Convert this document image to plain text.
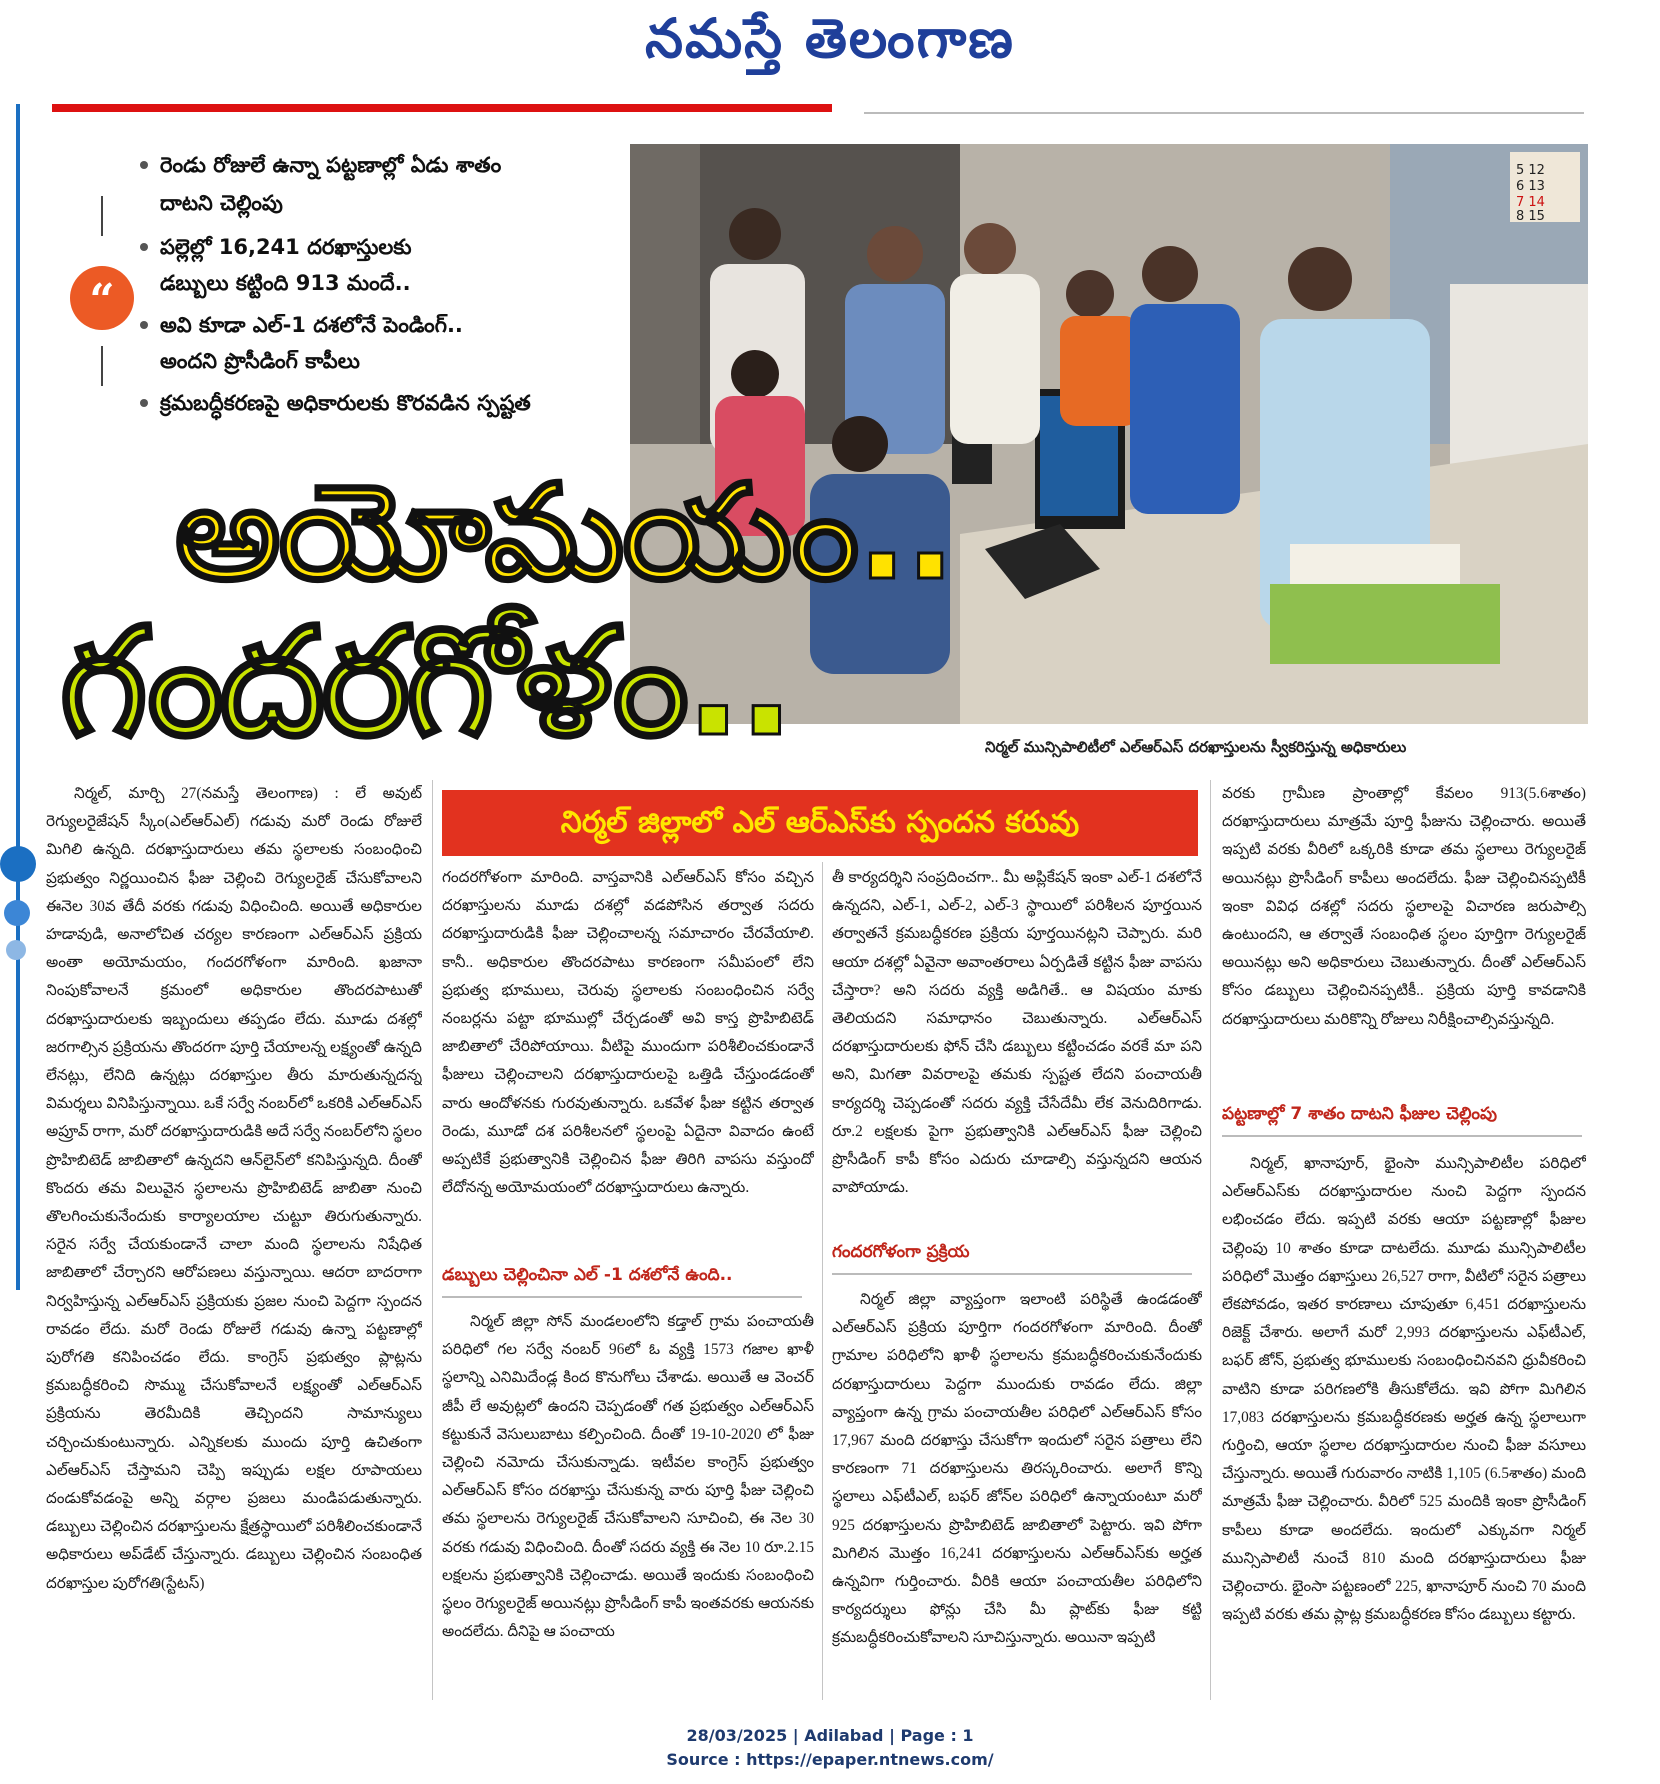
నమస్తే తెలంగాణ
“
రెండు రోజులే ఉన్నా పట్టణాల్లో ఏడు శాతం
దాటని చెల్లింపు
పల్లెల్లో 16,241 దరఖాస్తులకు
డబ్బులు కట్టింది 913 మందే..
అవి కూడా ఎల్-1 దశలోనే పెండింగ్..
అందని ప్రొసీడింగ్ కాపీలు
క్రమబద్ధీకరణపై అధికారులకు కొరవడిన స్పష్టత
5 12
6 13
7 14
8 15
నిర్మల్ మున్సిపాలిటీలో ఎల్ఆర్ఎస్ దరఖాస్తులను స్వీకరిస్తున్న అధికారులు
అయోమయం..
గందరగోళం..
నిర్మల్ జిల్లాలో ఎల్ ఆర్ఎస్‌కు స్పందన కరువు
నిర్మల్, మార్చి 27(నమస్తే తెలంగాణ) : లే అవుట్ రెగ్యులరైజేషన్ స్కీం(ఎల్ఆర్ఎల్) గడువు మరో రెండు రోజులే మిగిలి ఉన్నది. దరఖాస్తుదారులు తమ స్థలాలకు సంబంధించి ప్రభుత్వం నిర్ణయించిన ఫీజు చెల్లించి రెగ్యులరైజ్ చేసుకోవాలని ఈనెల 30వ తేదీ వరకు గడువు విధించింది. అయితే అధికారుల హడావుడి, అనాలోచిత చర్యల కారణంగా ఎల్ఆర్ఎస్ ప్రక్రియ అంతా అయోమయం, గందరగోళంగా మారింది. ఖజానా నింపుకోవాలనే క్రమంలో అధికారుల తొందరపాటుతో దరఖాస్తుదారులకు ఇబ్బందులు తప్పడం లేదు. మూడు దశల్లో జరగాల్సిన ప్రక్రియను తొందరగా పూర్తి చేయాలన్న లక్ష్యంతో ఉన్నది లేనట్లు, లేనిది ఉన్నట్లు దరఖాస్తుల తీరు మారుతున్నదన్న విమర్శలు వినిపిస్తున్నాయి. ఒకే సర్వే నంబర్‌లో ఒకరికి ఎల్ఆర్ఎస్ అప్రూవ్ రాగా, మరో దరఖాస్తుదారుడికి అదే సర్వే నంబర్‌లోని స్థలం ప్రొహిబిటెడ్ జాబితాలో ఉన్నదని ఆన్‌లైన్‌లో కనిపిస్తున్నది. దీంతో కొందరు తమ విలువైన స్థలాలను ప్రొహిబిటెడ్ జాబితా నుంచి తొలగించుకునేందుకు కార్యాలయాల చుట్టూ తిరుగుతున్నారు. సరైన సర్వే చేయకుండానే చాలా మంది స్థలాలను నిషేధిత జాబితాలో చేర్చారని ఆరోపణలు వస్తున్నాయి. ఆదరా బాదరాగా నిర్వహిస్తున్న ఎల్ఆర్ఎస్ ప్రక్రియకు ప్రజల నుంచి పెద్దగా స్పందన రావడం లేదు. మరో రెండు రోజులే గడువు ఉన్నా పట్టణాల్లో పురోగతి కనిపించడం లేదు. కాంగ్రెస్ ప్రభుత్వం ప్లాట్లను క్రమబద్ధీకరించి సొమ్ము చేసుకోవాలనే లక్ష్యంతో ఎల్ఆర్ఎస్ ప్రక్రియను తెరమీదికి తెచ్చిందని సామాన్యులు చర్చించుకుంటున్నారు. ఎన్నికలకు ముందు పూర్తి ఉచితంగా ఎల్ఆర్ఎస్ చేస్తామని చెప్పి ఇప్పుడు లక్షల రూపాయలు దండుకోవడంపై అన్ని వర్గాల ప్రజలు మండిపడుతున్నారు. డబ్బులు చెల్లించిన దరఖాస్తులను క్షేత్రస్థాయిలో పరిశీలించకుండానే అధికారులు అప్‌డేట్ చేస్తున్నారు. డబ్బులు చెల్లించిన సంబంధిత దరఖాస్తుల పురోగతి(స్టేటస్)
గందరగోళంగా మారింది. వాస్తవానికి ఎల్ఆర్ఎస్ కోసం వచ్చిన దరఖాస్తులను మూడు దశల్లో వడపోసిన తర్వాత సదరు దరఖాస్తుదారుడికి ఫీజు చెల్లించాలన్న సమాచారం చేరవేయాలి. కానీ.. అధికారుల తొందరపాటు కారణంగా సమీపంలో లేని ప్రభుత్వ భూములు, చెరువు స్థలాలకు సంబంధించిన సర్వే నంబర్లను పట్టా భూముల్లో చేర్చడంతో అవి కాస్త ప్రొహిబిటెడ్ జాబితాలో చేరిపోయాయి. వీటిపై ముందుగా పరిశీలించకుండానే ఫీజులు చెల్లించాలని దరఖాస్తుదారులపై ఒత్తిడి చేస్తుండడంతో వారు ఆందోళనకు గురవుతున్నారు. ఒకవేళ ఫీజు కట్టిన తర్వాత రెండు, మూడో దశ పరిశీలనలో స్థలంపై ఏదైనా వివాదం ఉంటే అప్పటికే ప్రభుత్వానికి చెల్లించిన ఫీజు తిరిగి వాపసు వస్తుందో లేదోనన్న అయోమయంలో దరఖాస్తుదారులు ఉన్నారు.
డబ్బులు చెల్లించినా ఎల్ -1 దశలోనే ఉంది..
నిర్మల్ జిల్లా సోన్ మండలంలోని కడ్తాల్ గ్రామ పంచాయతీ పరిధిలో గల సర్వే నంబర్ 96లో ఓ వ్యక్తి 1573 గజాల ఖాళీ స్థలాన్ని ఎనిమిదేండ్ల కింద కొనుగోలు చేశాడు. అయితే ఆ వెంచర్ జీపీ లే అవుట్లలో ఉందని చెప్పడంతో గత ప్రభుత్వం ఎల్ఆర్ఎస్ కట్టుకునే వెసులుబాటు కల్పించింది. దీంతో 19-10-2020 లో ఫీజు చెల్లించి నమోదు చేసుకున్నాడు. ఇటీవల కాంగ్రెస్ ప్రభుత్వం ఎల్ఆర్ఎస్ కోసం దరఖాస్తు చేసుకున్న వారు పూర్తి ఫీజు చెల్లించి తమ స్థలాలను రెగ్యులరైజ్ చేసుకోవాలని సూచించి, ఈ నెల 30 వరకు గడువు విధించింది. దీంతో సదరు వ్యక్తి ఈ నెల 10 రూ.2.15 లక్షలను ప్రభుత్వానికి చెల్లించాడు. అయితే ఇందుకు సంబంధించి స్థలం రెగ్యులరైజ్ అయినట్లు ప్రొసీడింగ్ కాపీ ఇంతవరకు ఆయనకు అందలేదు. దీనిపై ఆ పంచాయ
తీ కార్యదర్శిని సంప్రదించగా.. మీ అప్లికేషన్ ఇంకా ఎల్-1 దశలోనే ఉన్నదని, ఎల్-1, ఎల్-2, ఎల్-3 స్థాయిలో పరిశీలన పూర్తయిన తర్వాతనే క్రమబద్ధీకరణ ప్రక్రియ పూర్తయినట్లని చెప్పారు. మరి ఆయా దశల్లో ఏవైనా అవాంతరాలు ఏర్పడితే కట్టిన ఫీజు వాపసు చేస్తారా? అని సదరు వ్యక్తి అడిగితే.. ఆ విషయం మాకు తెలియదని సమాధానం చెబుతున్నారు. ఎల్ఆర్ఎస్ దరఖాస్తుదారులకు ఫోన్ చేసి డబ్బులు కట్టించడం వరకే మా పని అని, మిగతా వివరాలపై తమకు స్పష్టత లేదని పంచాయతీ కార్యదర్శి చెప్పడంతో సదరు వ్యక్తి చేసేదేమీ లేక వెనుదిరిగాడు. రూ.2 లక్షలకు పైగా ప్రభుత్వానికి ఎల్ఆర్ఎస్ ఫీజు చెల్లించి ప్రొసీడింగ్ కాపీ కోసం ఎదురు చూడాల్సి వస్తున్నదని ఆయన వాపోయాడు.
గందరగోళంగా ప్రక్రియ
నిర్మల్ జిల్లా వ్యాప్తంగా ఇలాంటి పరిస్థితే ఉండడంతో ఎల్ఆర్ఎస్ ప్రక్రియ పూర్తిగా గందరగోళంగా మారింది. దీంతో గ్రామాల పరిధిలోని ఖాళీ స్థలాలను క్రమబద్ధీకరించుకునేందుకు దరఖాస్తుదారులు పెద్దగా ముందుకు రావడం లేదు. జిల్లా వ్యాప్తంగా ఉన్న గ్రామ పంచాయతీల పరిధిలో ఎల్ఆర్ఎస్ కోసం 17,967 మంది దరఖాస్తు చేసుకోగా ఇందులో సరైన పత్రాలు లేని కారణంగా 71 దరఖాస్తులను తిరస్కరించారు. అలాగే కొన్ని స్థలాలు ఎఫ్‌టీఎల్, బఫర్ జోన్‌ల పరిధిలో ఉన్నాయంటూ మరో 925 దరఖాస్తులను ప్రొహిబిటెడ్ జాబితాలో పెట్టారు. ఇవి పోగా మిగిలిన మొత్తం 16,241 దరఖాస్తులను ఎల్ఆర్ఎస్‌కు అర్హత ఉన్నవిగా గుర్తించారు. వీరికి ఆయా పంచాయతీల పరిధిలోని కార్యదర్శులు ఫోన్లు చేసి మీ ప్లాట్‌కు ఫీజు కట్టి క్రమబద్ధీకరించుకోవాలని సూచిస్తున్నారు. అయినా ఇప్పటి
వరకు గ్రామీణ ప్రాంతాల్లో కేవలం 913(5.6శాతం) దరఖాస్తుదారులు మాత్రమే పూర్తి ఫీజును చెల్లించారు. అయితే ఇప్పటి వరకు వీరిలో ఒక్కరికి కూడా తమ స్థలాలు రెగ్యులరైజ్ అయినట్లు ప్రొసీడింగ్ కాపీలు అందలేదు. ఫీజు చెల్లించినప్పటికీ ఇంకా వివిధ దశల్లో సదరు స్థలాలపై విచారణ జరుపాల్సి ఉంటుందని, ఆ తర్వాతే సంబంధిత స్థలం పూర్తిగా రెగ్యులరైజ్ అయినట్లు అని అధికారులు చెబుతున్నారు. దీంతో ఎల్ఆర్ఎస్ కోసం డబ్బులు చెల్లించినప్పటికీ.. ప్రక్రియ పూర్తి కావడానికి దరఖాస్తుదారులు మరికొన్ని రోజులు నిరీక్షించాల్సివస్తున్నది.
పట్టణాల్లో 7 శాతం దాటని ఫీజుల చెల్లింపు
నిర్మల్, ఖానాపూర్, భైంసా మున్సిపాలిటీల పరిధిలో ఎల్ఆర్ఎస్‌కు దరఖాస్తుదారుల నుంచి పెద్దగా స్పందన లభించడం లేదు. ఇప్పటి వరకు ఆయా పట్టణాల్లో ఫీజుల చెల్లింపు 10 శాతం కూడా దాటలేదు. మూడు మున్సిపాలిటీల పరిధిలో మొత్తం దఖాస్తులు 26,527 రాగా, వీటిలో సరైన పత్రాలు లేకపోవడం, ఇతర కారణాలు చూపుతూ 6,451 దరఖాస్తులను రిజెక్ట్ చేశారు. అలాగే మరో 2,993 దరఖాస్తులను ఎఫ్‌టీఎల్, బఫర్ జోన్, ప్రభుత్వ భూములకు సంబంధించినవని ధ్రువీకరించి వాటిని కూడా పరిగణలోకి తీసుకోలేదు. ఇవి పోగా మిగిలిన 17,083 దరఖాస్తులను క్రమబద్ధీకరణకు అర్హత ఉన్న స్థలాలుగా గుర్తించి, ఆయా స్థలాల దరఖాస్తుదారుల నుంచి ఫీజు వసూలు చేస్తున్నారు. అయితే గురువారం నాటికి 1,105 (6.5శాతం) మంది మాత్రమే ఫీజు చెల్లించారు. వీరిలో 525 మందికి ఇంకా ప్రొసీడింగ్ కాపీలు కూడా అందలేదు. ఇందులో ఎక్కువగా నిర్మల్ మున్సిపాలిటీ నుంచే 810 మంది దరఖాస్తుదారులు ఫీజు చెల్లించారు. భైంసా పట్టణంలో 225, ఖానాపూర్ నుంచి 70 మంది ఇప్పటి వరకు తమ ప్లాట్ల క్రమబద్ధీకరణ కోసం డబ్బులు కట్టారు.
28/03/2025 | Adilabad | Page : 1
Source : https://epaper.ntnews.com/
